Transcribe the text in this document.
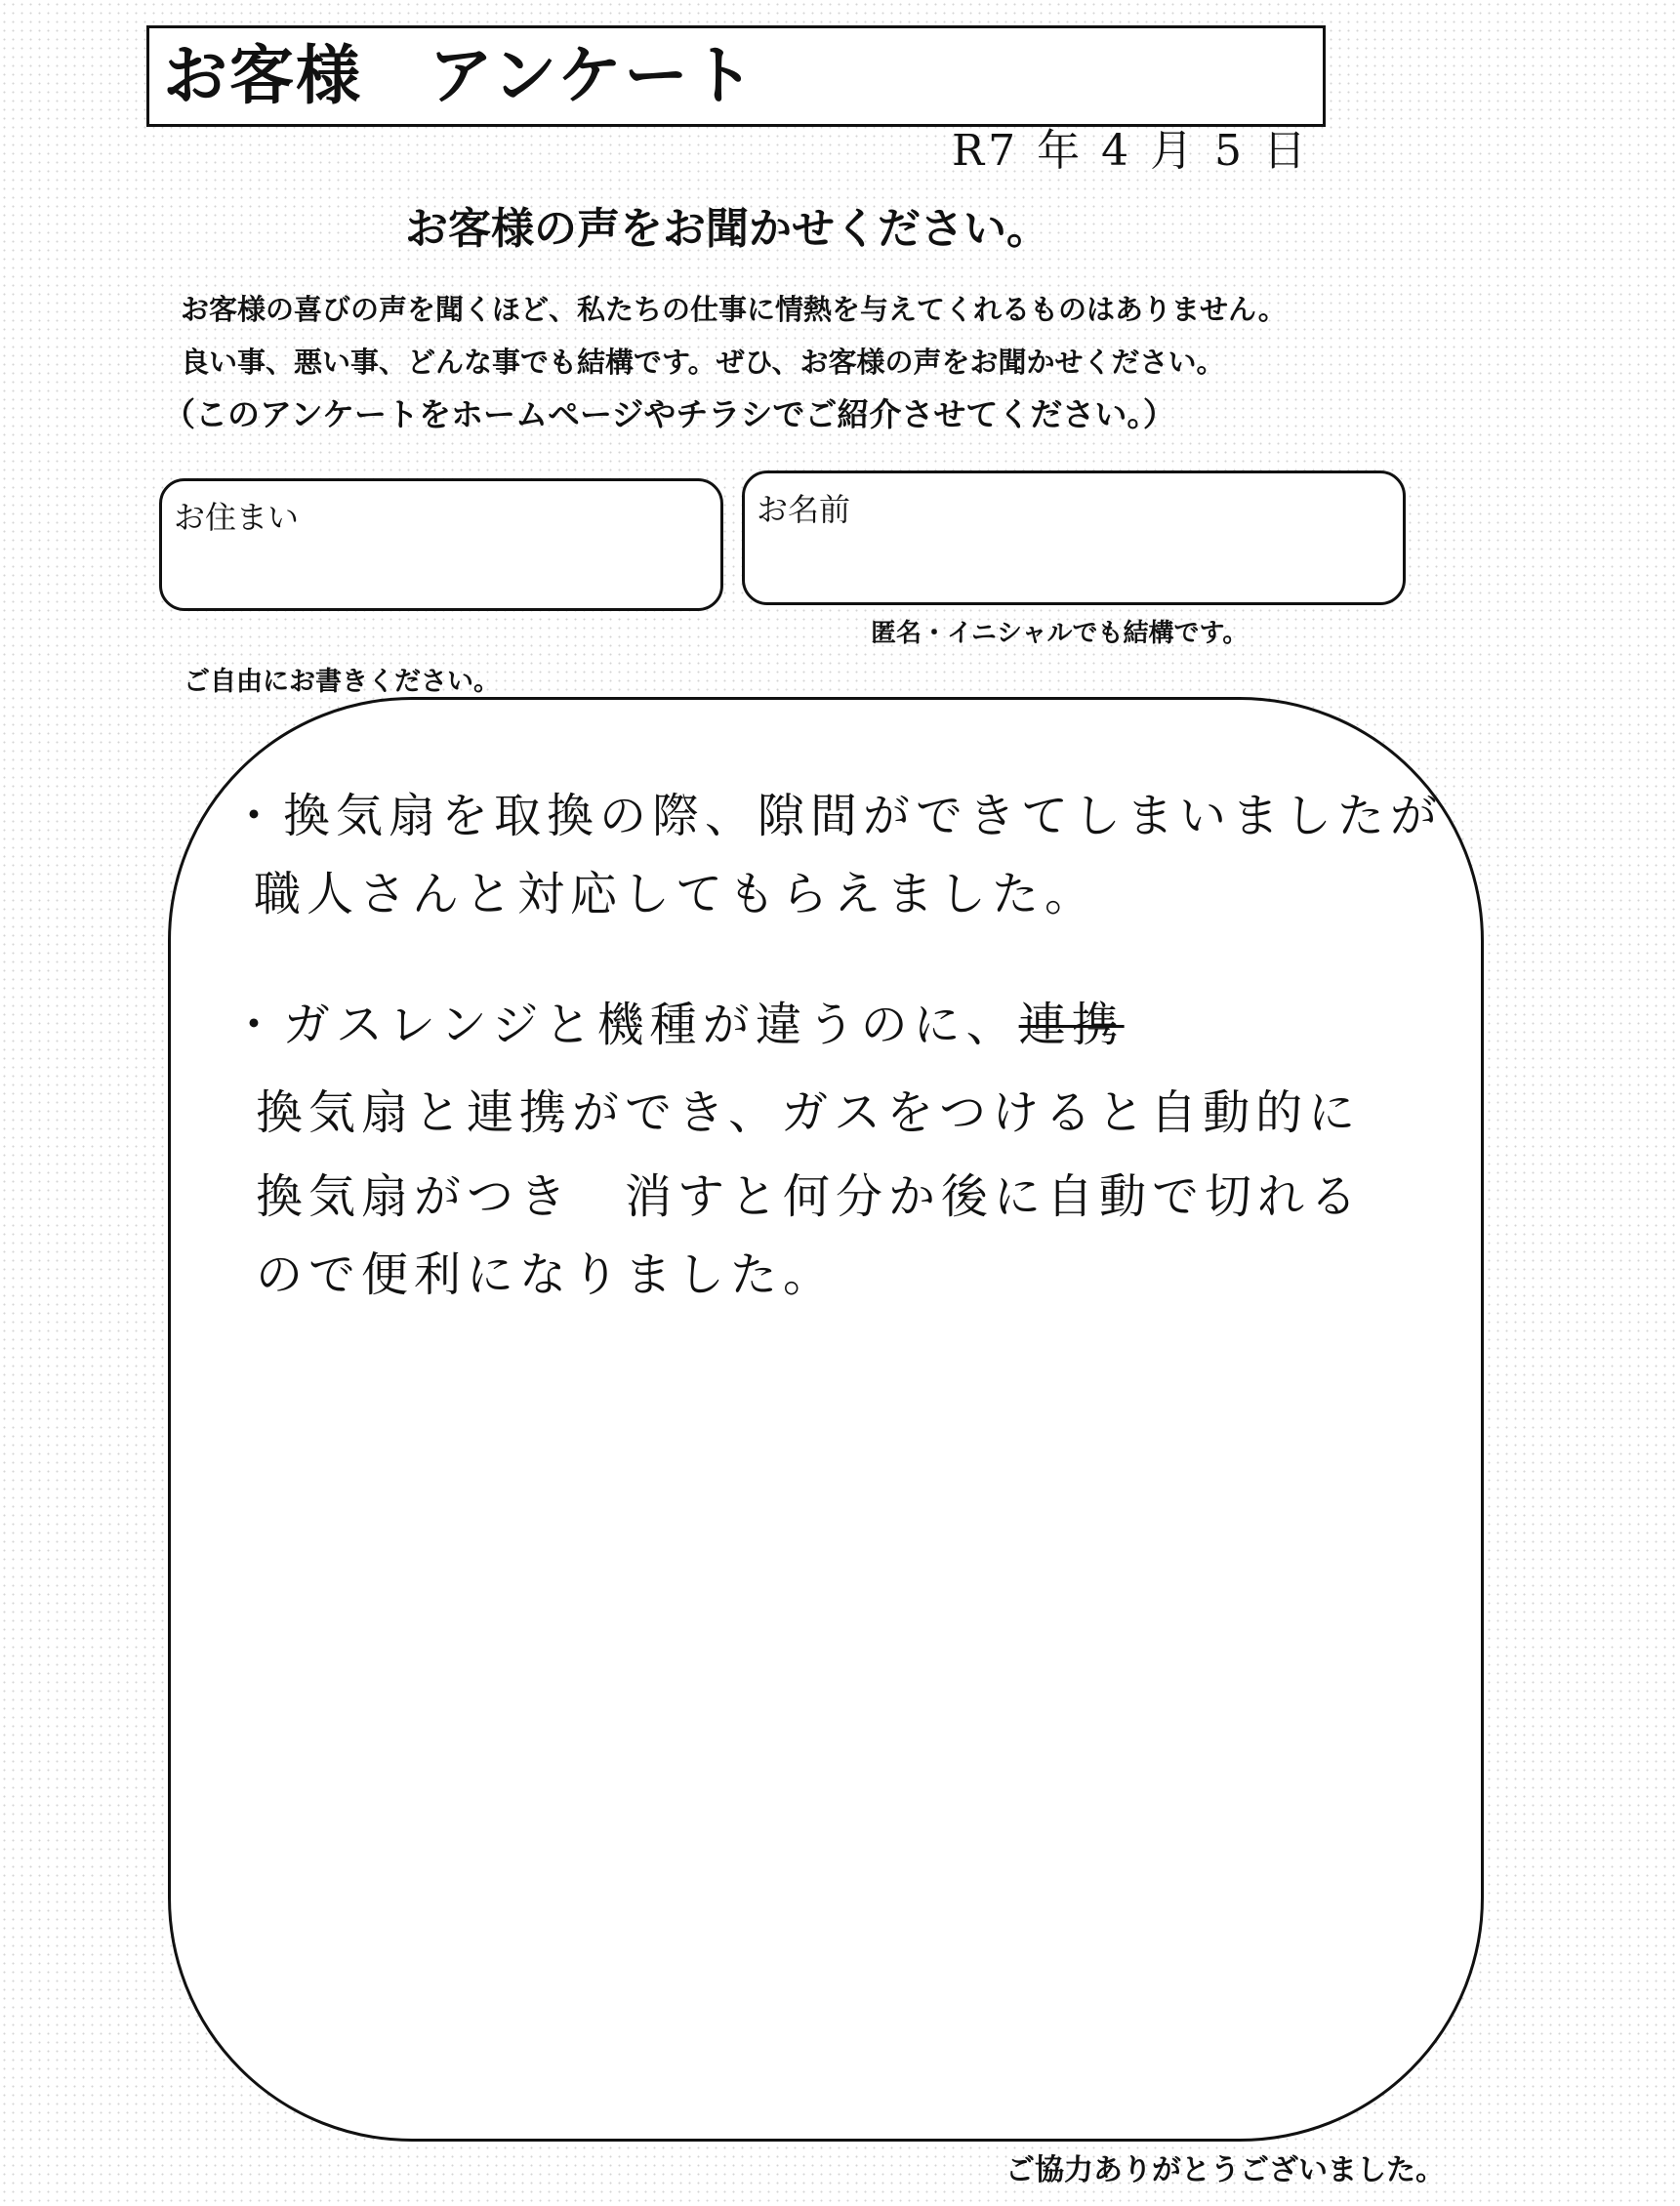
お客様　アンケート
R7 年 4 月 5 日
お客様の声をお聞かせください。
お客様の喜びの声を聞くほど、私たちの仕事に情熱を与えてくれるものはありません。
良い事、悪い事、どんな事でも結構です。ぜひ、お客様の声をお聞かせください。
（このアンケートをホームページやチラシでご紹介させてください。）
お住まい	お名前
匿名・イニシャルでも結構です。
ご自由にお書きください。
・換気扇を取換の際、隙間ができてしまいましたが
職人さんと対応してもらえました。
・ガスレンジと機種が違うのに、連携
換気扇と連携ができ、ガスをつけると自動的に
換気扇がつき　消すと何分か後に自動で切れる
ので便利になりました。
ご協力ありがとうございました。
